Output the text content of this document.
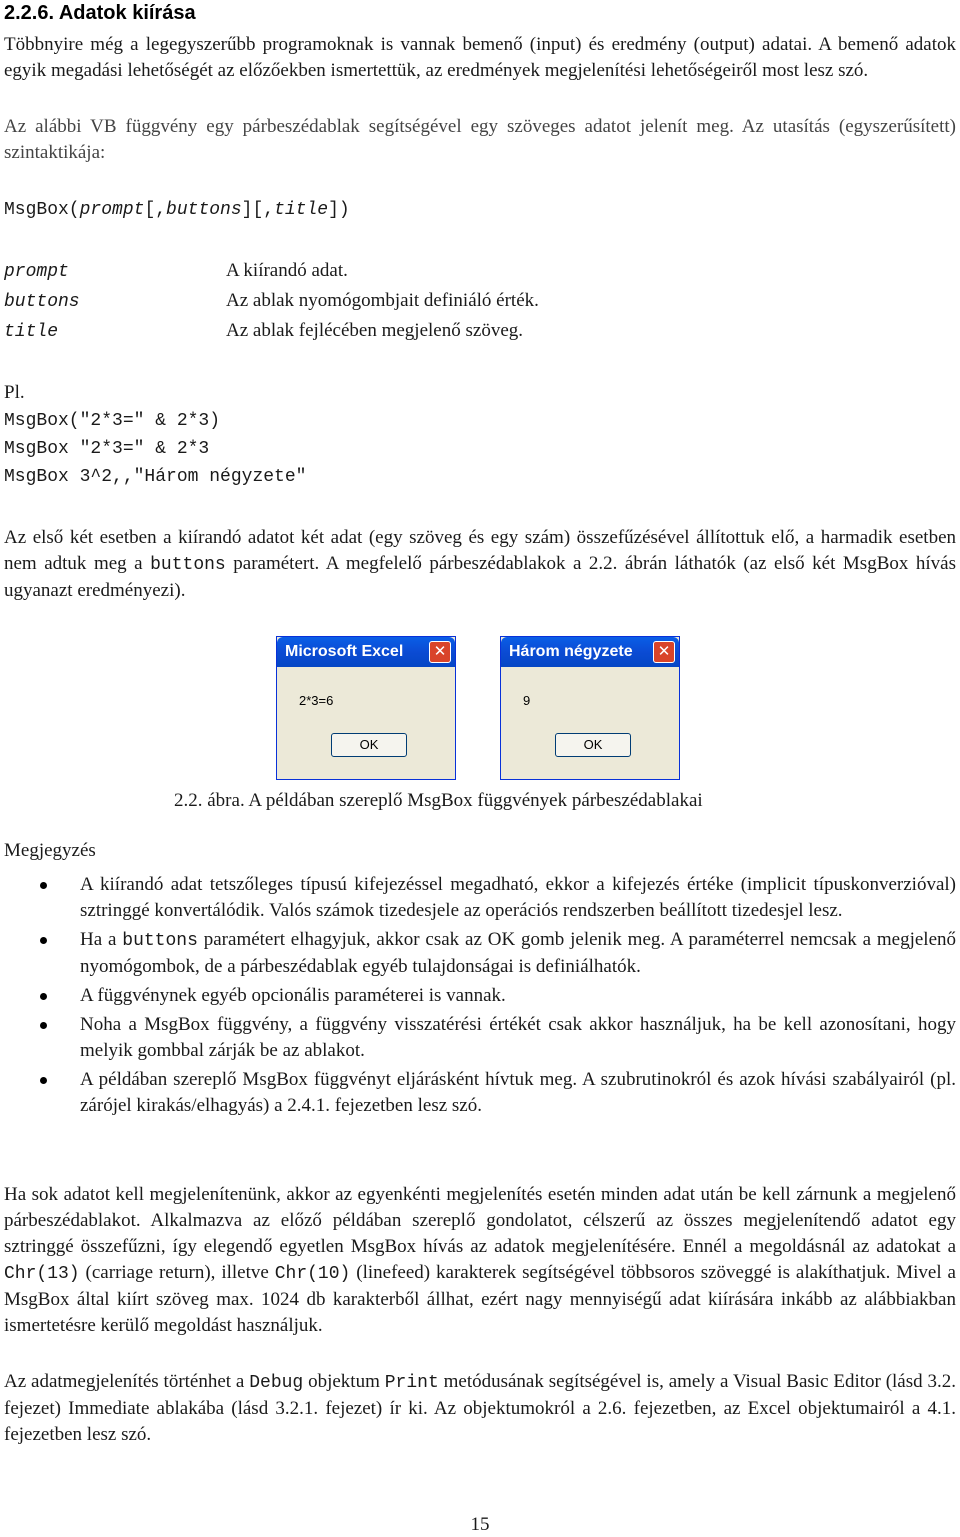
2.2.6. Adatok kiírása

Többnyire még a legegyszerűbb programoknak is vannak bemenő (input) és eredmény (output) adatai. A bemenő adatok egyik megadási lehetőségét az előzőekben ismertettük, az eredmények megjelenítési lehetőségeiről most lesz szó.

Az alábbi VB függvény egy párbeszédablak segítségével egy szöveges adatot jelenít meg. Az utasítás (egyszerűsített) szintaktikája:

MsgBox(prompt[,buttons][,title])
prompt	A kiírandó adat.
buttons	Az ablak nyomógombjait definiáló érték.
title	Az ablak fejlécében megjelenő szöveg.
Pl.
MsgBox("2*3=" & 2*3)
MsgBox "2*3=" & 2*3
MsgBox 3^2,,"Három négyzete"

Az első két esetben a kiírandó adatot két adat (egy szöveg és egy szám) összefűzésével állítottuk elő, a harmadik esetben nem adtuk meg a buttons paramétert. A megfelelő párbeszédablakok a 2.2. ábrán láthatók (az első két MsgBox hívás ugyanazt eredményezi).

Microsoft Excel	✕
2*3=6
OK
Három négyzete	✕
9
OK
2.2. ábra. A példában szereplő MsgBox függvények párbeszédablakai
Megjegyzés
A kiírandó adat tetszőleges típusú kifejezéssel megadható, ekkor a kifejezés értéke (implicit típuskonverzióval) sztringgé konvertálódik. Valós számok tizedesjele az operációs rendszerben beállított tizedesjel lesz.
Ha a buttons paramétert elhagyjuk, akkor csak az OK gomb jelenik meg. A paraméterrel nemcsak a megjelenő nyomógombok, de a párbeszédablak egyéb tulajdonságai is definiálhatók.
A függvénynek egyéb opcionális paraméterei is vannak.
Noha a MsgBox függvény, a függvény visszatérési értékét csak akkor használjuk, ha be kell azonosítani, hogy melyik gombbal zárják be az ablakot.
A példában szereplő MsgBox függvényt eljárásként hívtuk meg. A szubrutinokról és azok hívási szabályairól (pl. zárójel kirakás/elhagyás) a 2.4.1. fejezetben lesz szó.

Ha sok adatot kell megjelenítenünk, akkor az egyenkénti megjelenítés esetén minden adat után be kell zárnunk a megjelenő párbeszédablakot. Alkalmazva az előző példában szereplő gondolatot, célszerű az összes megjelenítendő adatot egy sztringgé összefűzni, így elegendő egyetlen MsgBox hívás az adatok megjelenítésére. Ennél a megoldásnál az adatokat a Chr(13) (carriage return), illetve Chr(10) (linefeed) karakterek segítségével többsoros szöveggé is alakíthatjuk. Mivel a MsgBox által kiírt szöveg max. 1024 db karakterből állhat, ezért nagy mennyiségű adat kiírására inkább az alábbiakban ismertetésre kerülő megoldást használjuk.

Az adatmegjelenítés történhet a Debug objektum Print metódusának segítségével is, amely a Visual Basic Editor (lásd 3.2. fejezet) Immediate ablakába (lásd 3.2.1. fejezet) ír ki. Az objektumokról a 2.6. fejezetben, az Excel objektumairól a 4.1. fejezetben lesz szó.

15
